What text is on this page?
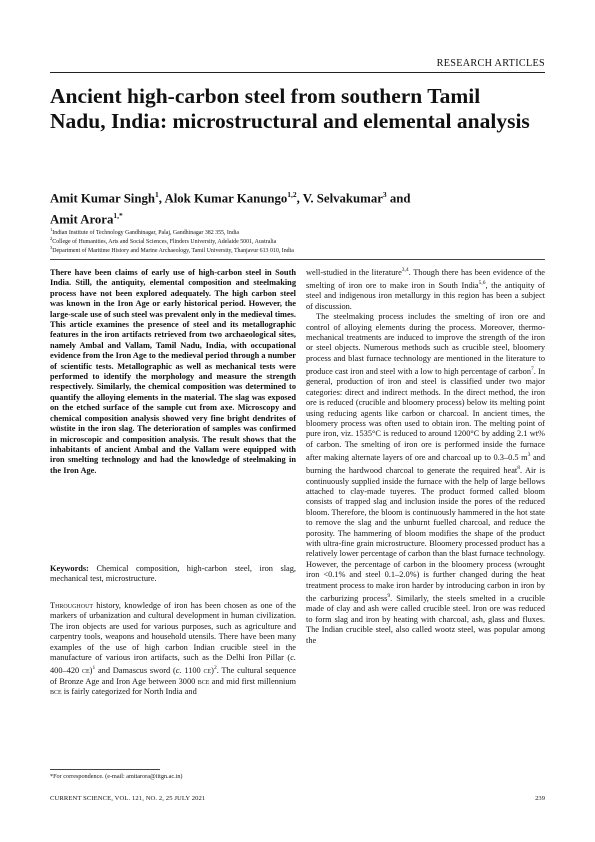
RESEARCH ARTICLES
Ancient high-carbon steel from southern Tamil Nadu, India: microstructural and elemental analysis

Amit Kumar Singh$^1$, Alok Kumar Kanungo$^{1,2}$, V. Selvakumar$^3$ and
Amit Arora$^{1,*}$

$^1$Indian Institute of Technology Gandhinagar, Palaj, Gandhinagar 382 355, India
$^2$College of Humanities, Arts and Social Sciences, Flinders University, Adelaide 5001, Australia
$^3$Department of Maritime History and Marine Archaeology, Tamil University, Thanjavur 613 010, India

There have been claims of early use of high-carbon steel in South India. Still, the antiquity, elemental composition and steelmaking process have not been explored adequately. The high carbon steel was known in the Iron Age or early historical period. However, the large-scale use of such steel was prevalent only in the medieval times. This article examines the presence of steel and its metallographic features in the iron artifacts retrieved from two archaeological sites, namely Ambal and Vallam, Tamil Nadu, India, with occupational evidence from the Iron Age to the medieval period through a number of scientific tests. Metallographic as well as mechanical tests were performed to identify the morphology and measure the strength respectively. Similarly, the chemical composition was determined to quantify the alloying elements in the material. The slag was exposed on the etched surface of the sample cut from axe. Microscopy and chemical composition analysis showed very fine bright dendrites of wüstite in the iron slag. The deterioration of samples was confirmed in microscopic and composition analysis. The result shows that the inhabitants of ancient Ambal and the Vallam were equipped with iron smelting technology and had the knowledge of steelmaking in the Iron Age.

Keywords: Chemical composition, high-carbon steel, iron slag, mechanical test, microstructure.

Throughout history, knowledge of iron has been chosen as one of the markers of urbanization and cultural development in human civilization. The iron objects are used for various purposes, such as agriculture and carpentry tools, weapons and household utensils. There have been many examples of the use of high carbon Indian crucible steel in the manufacture of various iron artifacts, such as the Delhi Iron Pillar (c. 400–420 ce)$^1$ and Damascus sword (c. 1100 ce)$^2$. The cultural sequence of Bronze Age and Iron Age between 3000 bce and mid first millennium bce is fairly categorized for North India and

well-studied in the literature$^{3,4}$. Though there has been evidence of the smelting of iron ore to make iron in South India$^{5,6}$, the antiquity of steel and indigenous iron metallurgy in this region has been a subject of discussion.

The steelmaking process includes the smelting of iron ore and control of alloying elements during the process. Moreover, thermo-mechanical treatments are induced to improve the strength of the iron or steel objects. Numerous methods such as crucible steel, bloomery process and blast furnace technology are mentioned in the literature to produce cast iron and steel with a low to high percentage of carbon$^7$. In general, production of iron and steel is classified under two major categories: direct and indirect methods. In the direct method, the iron ore is reduced (crucible and bloomery process) below its melting point using reducing agents like carbon or charcoal. In ancient times, the bloomery process was often used to obtain iron. The melting point of pure iron, viz. 1535°C is reduced to around 1200°C by adding 2.1 wt% of carbon. The smelting of iron ore is performed inside the furnace after making alternate layers of ore and charcoal up to 0.3–0.5 $m^3$ and burning the hardwood charcoal to generate the required heat$^8$. Air is continuously supplied inside the furnace with the help of large bellows attached to clay-made tuyeres. The product formed called bloom consists of trapped slag and inclusion inside the pores of the reduced bloom. Therefore, the bloom is continuously hammered in the hot state to remove the slag and the unburnt fuelled charcoal, and reduce the porosity. The hammering of bloom modifies the shape of the product with ultra-fine grain microstructure. Bloomery processed product has a relatively lower percentage of carbon than the blast furnace technology. However, the percentage of carbon in the bloomery process (wrought iron <0.1% and steel 0.1–2.0%) is further changed during the heat treatment process to make iron harder by introducing carbon in iron by the carburizing process$^9$. Similarly, the steels smelted in a crucible made of clay and ash were called crucible steel. Iron ore was reduced to form slag and iron by heating with charcoal, ash, glass and fluxes. The Indian crucible steel, also called wootz steel, was popular among the

*For correspondence. (e-mail: amitarora@iitgn.ac.in)
CURRENT SCIENCE, VOL. 121, NO. 2, 25 JULY 2021	239
